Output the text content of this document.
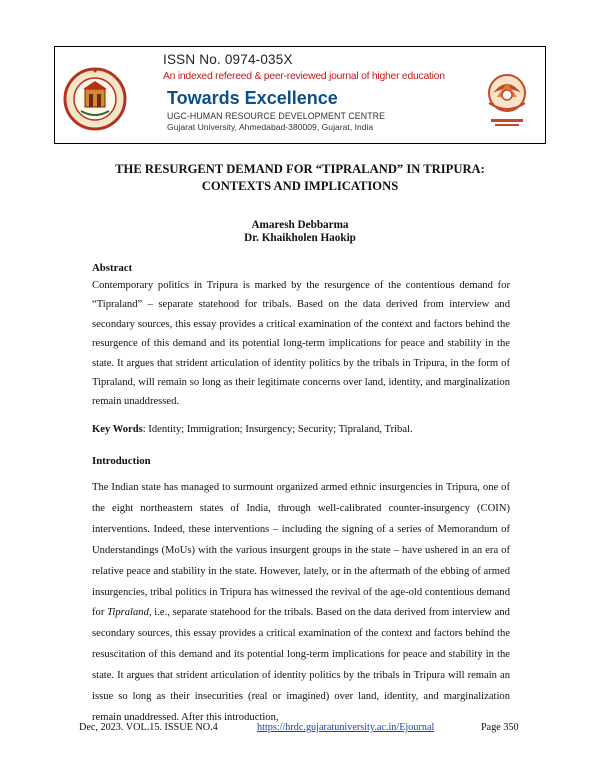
ISSN No. 0974-035X

An indexed refereed & peer-reviewed journal of higher education

Towards Excellence

UGC-HUMAN RESOURCE DEVELOPMENT CENTRE

Gujarat University, Ahmedabad-380009, Gujarat, India

THE RESURGENT DEMAND FOR “TIPRALAND” IN TRIPURA:
CONTEXTS AND IMPLICATIONS
Amaresh Debbarma
Dr. Khaikholen Haokip

Abstract

Contemporary politics in Tripura is marked by the resurgence of the contentious demand for “Tipraland” – separate statehood for tribals. Based on the data derived from interview and secondary sources, this essay provides a critical examination of the context and factors behind the resurgence of this demand and its potential long-term implications for peace and stability in the state. It argues that strident articulation of identity politics by the tribals in Tripura, in the form of Tipraland, will remain so long as their legitimate concerns over land, identity, and marginalization remain unaddressed.

Key Words: Identity; Immigration; Insurgency; Security; Tipraland, Tribal.

Introduction

The Indian state has managed to surmount organized armed ethnic insurgencies in Tripura, one of the eight northeastern states of India, through well-calibrated counter-insurgency (COIN) interventions. Indeed, these interventions – including the signing of a series of Memorandum of Understandings (MoUs) with the various insurgent groups in the state – have ushered in an era of relative peace and stability in the state. However, lately, or in the aftermath of the ebbing of armed insurgencies, tribal politics in Tripura has witnessed the revival of the age-old contentious demand for Tipraland, i.e., separate statehood for the tribals. Based on the data derived from interview and secondary sources, this essay provides a critical examination of the context and factors behind the resuscitation of this demand and its potential long-term implications for peace and stability in the state. It argues that strident articulation of identity politics by the tribals in Tripura will remain an issue so long as their insecurities (real or imagined) over land, identity, and marginalization remain unaddressed. After this introduction,

Dec, 2023. VOL.15. ISSUE NO.4	https://hrdc.gujaratuniversity.ac.in/Ejournal	Page 350
